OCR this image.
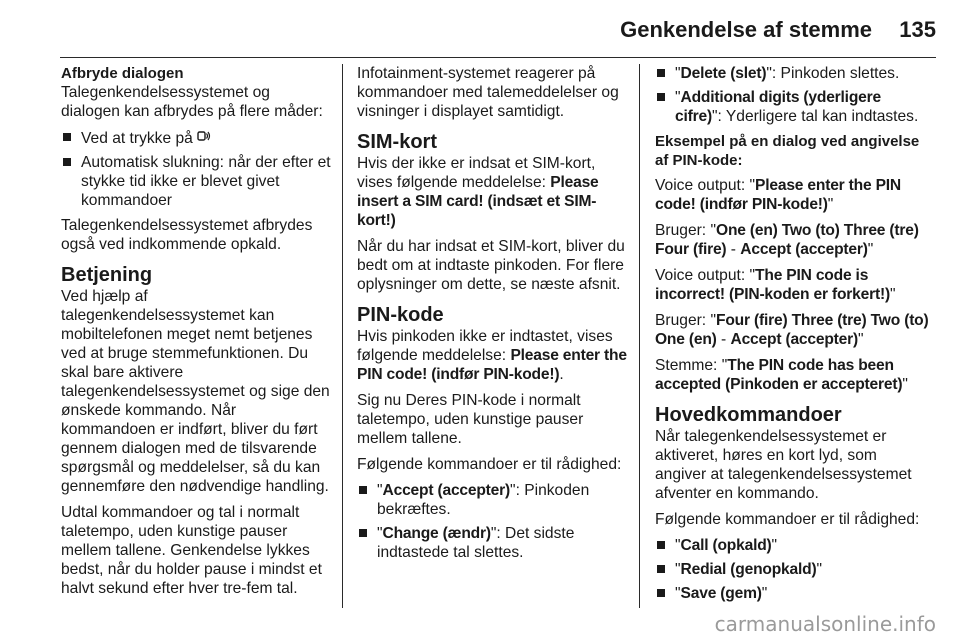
Genkendelse af stemme 135
Afbryde dialogen

Talegenkendelsessystemet og dialogen kan afbrydes på flere måder:

Ved at trykke på
Automatisk slukning: når der efter et stykke tid ikke er blevet givet kommandoer

Talegenkendelsessystemet afbrydes også ved indkommende opkald.

Betjening

Ved hjælp af talegenkendelsessystemet kan mobiltelefonen meget nemt betjenes ved at bruge stemmefunktionen. Du skal bare aktivere talegenkendelsessystemet og sige den ønskede kommando. Når kommandoen er indført, bliver du ført gennem dialogen med de tilsvarende spørgsmål og meddelelser, så du kan gennemføre den nødvendige handling.

Udtal kommandoer og tal i normalt taletempo, uden kunstige pauser mellem tallene. Genkendelse lykkes bedst, når du holder pause i mindst et halvt sekund efter hver tre-fem tal.

Infotainment-systemet reagerer på kommandoer med talemeddelelser og visninger i displayet samtidigt.

SIM-kort

Hvis der ikke er indsat et SIM-kort, vises følgende meddelelse: Please insert a SIM card! (indsæt et SIM-kort!)

Når du har indsat et SIM-kort, bliver du bedt om at indtaste pinkoden. For flere oplysninger om dette, se næste afsnit.

PIN-kode

Hvis pinkoden ikke er indtastet, vises følgende meddelelse: Please enter the PIN code! (indfør PIN-kode!).

Sig nu Deres PIN-kode i normalt taletempo, uden kunstige pauser mellem tallene.

Følgende kommandoer er til rådighed:

"Accept (accepter)": Pinkoden bekræftes.
"Change (ændr)": Det sidste indtastede tal slettes.
"Delete (slet)": Pinkoden slettes.
"Additional digits (yderligere cifre)": Yderligere tal kan indtastes.
Eksempel på en dialog ved angivelse af PIN-kode:

Voice output: "Please enter the PIN code! (indfør PIN-kode!)"

Bruger: "One (en) Two (to) Three (tre) Four (fire) - Accept (accepter)"

Voice output: "The PIN code is incorrect! (PIN-koden er forkert!)"

Bruger: "Four (fire) Three (tre) Two (to) One (en) - Accept (accepter)"

Stemme: "The PIN code has been accepted (Pinkoden er accepteret)"

Hovedkommandoer

Når talegenkendelsessystemet er aktiveret, høres en kort lyd, som angiver at talegenkendelsessystemet afventer en kommando.

Følgende kommandoer er til rådighed:

"Call (opkald)"
"Redial (genopkald)"
"Save (gem)"
carmanualsonline.info
